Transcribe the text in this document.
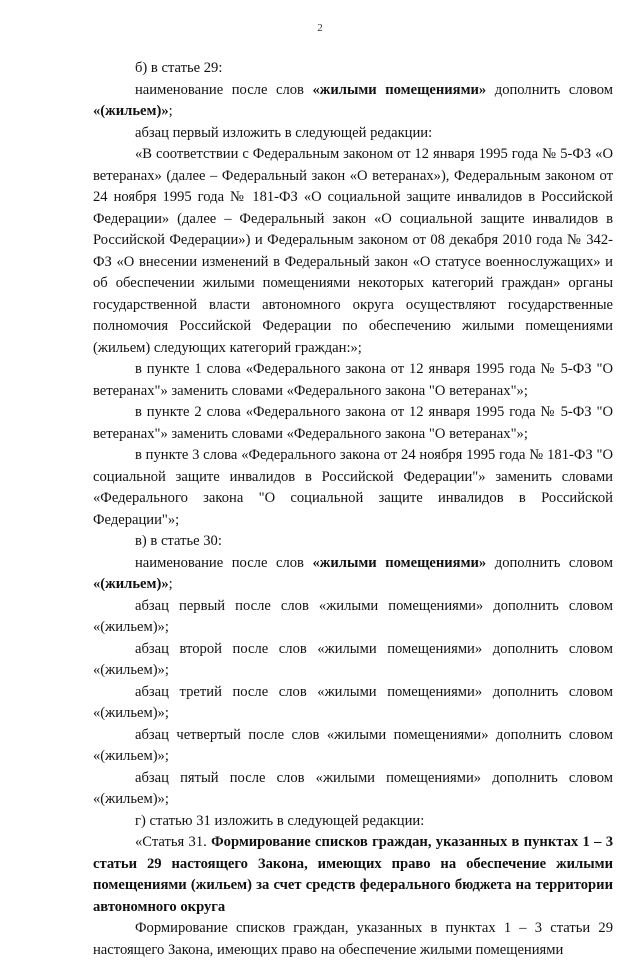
2

б) в статье 29:

наименование после слов «жилыми помещениями» дополнить словом «(жильем)»;

абзац первый изложить в следующей редакции:

«В соответствии с Федеральным законом от 12 января 1995 года № 5-ФЗ «О ветеранах» (далее – Федеральный закон «О ветеранах»), Федеральным законом от 24 ноября 1995 года № 181-ФЗ «О социальной защите инвалидов в Российской Федерации» (далее – Федеральный закон «О социальной защите инвалидов в Российской Федерации») и Федеральным законом от 08 декабря 2010 года № 342-ФЗ «О внесении изменений в Федеральный закон «О статусе военнослужащих» и об обеспечении жилыми помещениями некоторых категорий граждан» органы государственной власти автономного округа осуществляют государственные полномочия Российской Федерации по обеспечению жилыми помещениями (жильем) следующих категорий граждан:»;

в пункте 1 слова «Федерального закона от 12 января 1995 года № 5-ФЗ "О ветеранах"» заменить словами «Федерального закона "О ветеранах"»;

в пункте 2 слова «Федерального закона от 12 января 1995 года № 5-ФЗ "О ветеранах"» заменить словами «Федерального закона "О ветеранах"»;

в пункте 3 слова «Федерального закона от 24 ноября 1995 года № 181-ФЗ "О социальной защите инвалидов в Российской Федерации"» заменить словами «Федерального закона "О социальной защите инвалидов в Российской Федерации"»;

в) в статье 30:

наименование после слов «жилыми помещениями» дополнить словом «(жильем)»;

абзац первый после слов «жилыми помещениями» дополнить словом «(жильем)»;

абзац второй после слов «жилыми помещениями» дополнить словом «(жильем)»;

абзац третий после слов «жилыми помещениями» дополнить словом «(жильем)»;

абзац четвертый после слов «жилыми помещениями» дополнить словом «(жильем)»;

абзац пятый после слов «жилыми помещениями» дополнить словом «(жильем)»;

г) статью 31 изложить в следующей редакции:

«Статья 31. Формирование списков граждан, указанных в пунктах 1 – 3 статьи 29 настоящего Закона, имеющих право на обеспечение жилыми помещениями (жильем) за счет средств федерального бюджета на территории автономного округа

Формирование списков граждан, указанных в пунктах 1 – 3 статьи 29 настоящего Закона, имеющих право на обеспечение жилыми помещениями
